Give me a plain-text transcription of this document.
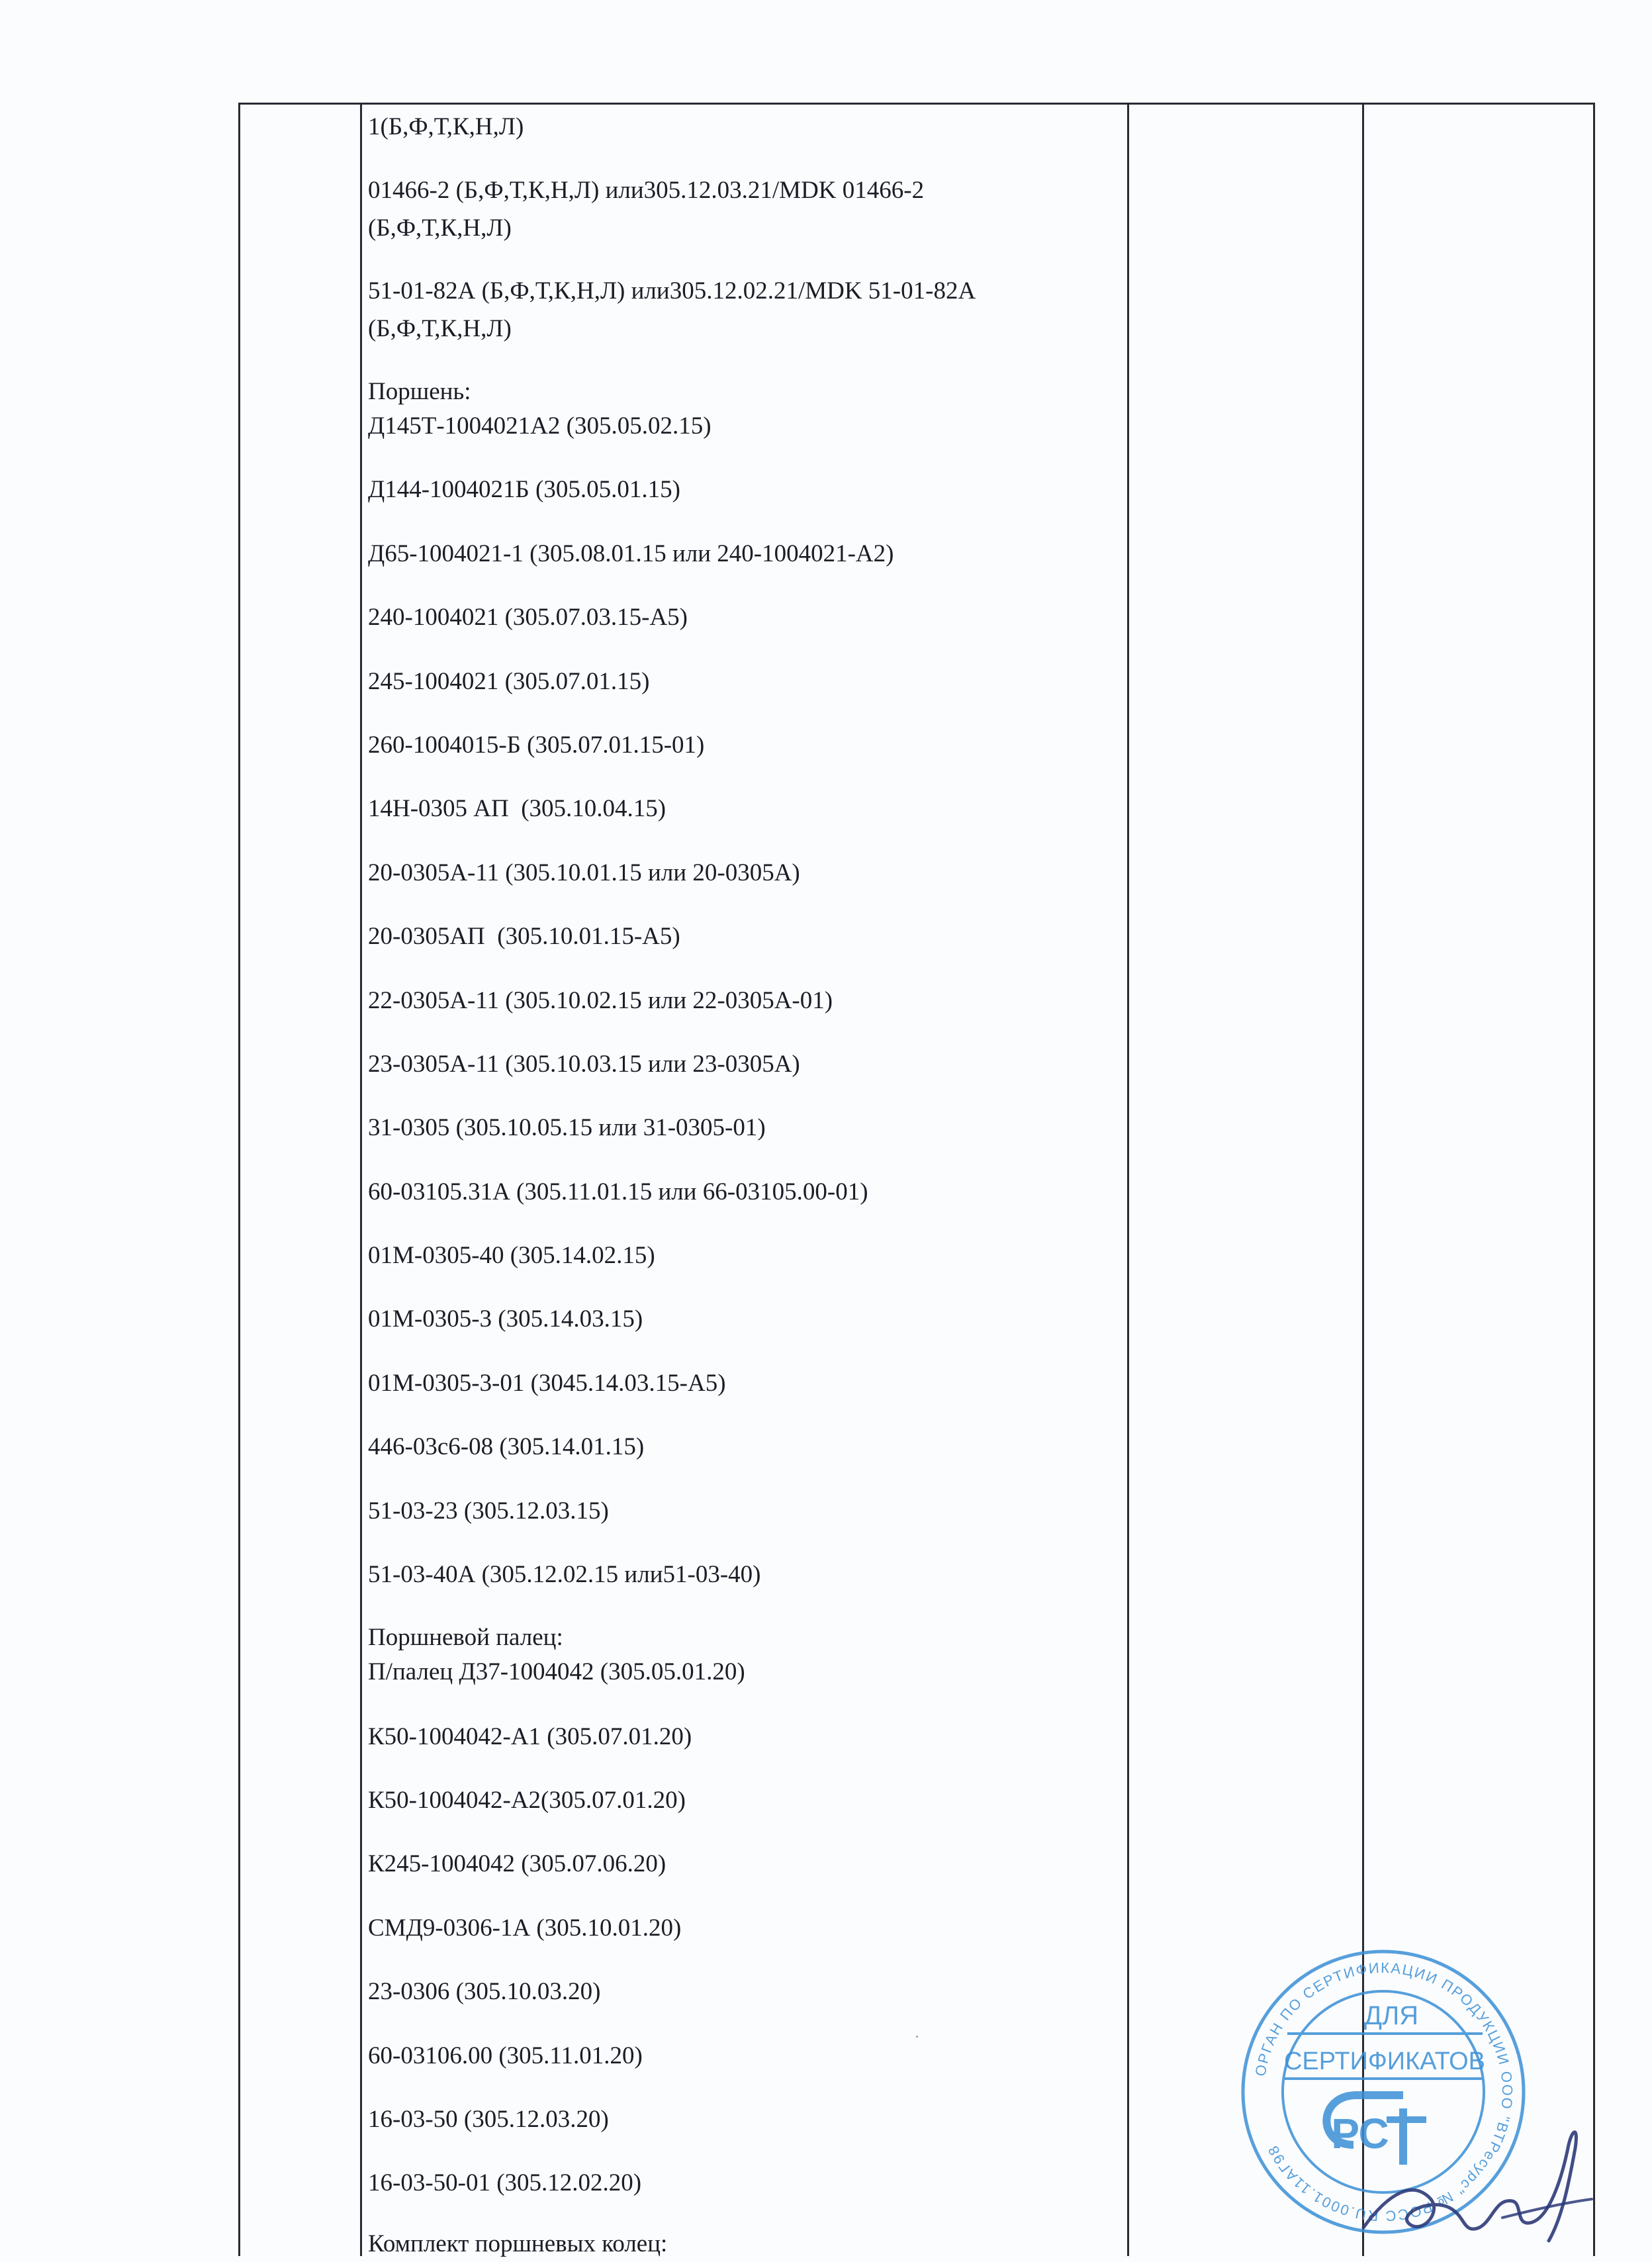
1(Б,Ф,Т,К,Н,Л)

01466-2 (Б,Ф,Т,К,Н,Л) или305.12.03.21/MDK 01466-2

(Б,Ф,Т,К,Н,Л)

51-01-82А (Б,Ф,Т,К,Н,Л) или305.12.02.21/MDK 51-01-82А

(Б,Ф,Т,К,Н,Л)

Поршень:

Д145Т-1004021А2 (305.05.02.15)

Д144-1004021Б (305.05.01.15)

Д65-1004021-1 (305.08.01.15 или 240-1004021-А2)

240-1004021 (305.07.03.15-А5)

245-1004021 (305.07.01.15)

260-1004015-Б (305.07.01.15-01)

14Н-0305 АП  (305.10.04.15)

20-0305А-11 (305.10.01.15 или 20-0305А)

20-0305АП  (305.10.01.15-А5)

22-0305А-11 (305.10.02.15 или 22-0305А-01)

23-0305А-11 (305.10.03.15 или 23-0305А)

31-0305 (305.10.05.15 или 31-0305-01)

60-03105.31А (305.11.01.15 или 66-03105.00-01)

01М-0305-40 (305.14.02.15)

01М-0305-3 (305.14.03.15)

01М-0305-3-01 (3045.14.03.15-А5)

446-03с6-08 (305.14.01.15)

51-03-23 (305.12.03.15)

51-03-40А (305.12.02.15 или51-03-40)

Поршневой палец:

П/палец Д37-1004042 (305.05.01.20)

К50-1004042-А1 (305.07.01.20)

К50-1004042-А2(305.07.01.20)

К245-1004042 (305.07.06.20)

СМД9-0306-1А (305.10.01.20)

23-0306 (305.10.03.20)

60-03106.00 (305.11.01.20)

16-03-50 (305.12.03.20)

16-03-50-01 (305.12.02.20)

Комплект поршневых колец:

ОРГАН ПО СЕРТИФИКАЦИИ ПРОДУКЦИИ ООО "ВТРесурс" № РОСС RU.0001.11АГ98
ДЛЯ
СЕРТИФИКАТОВ
РС
